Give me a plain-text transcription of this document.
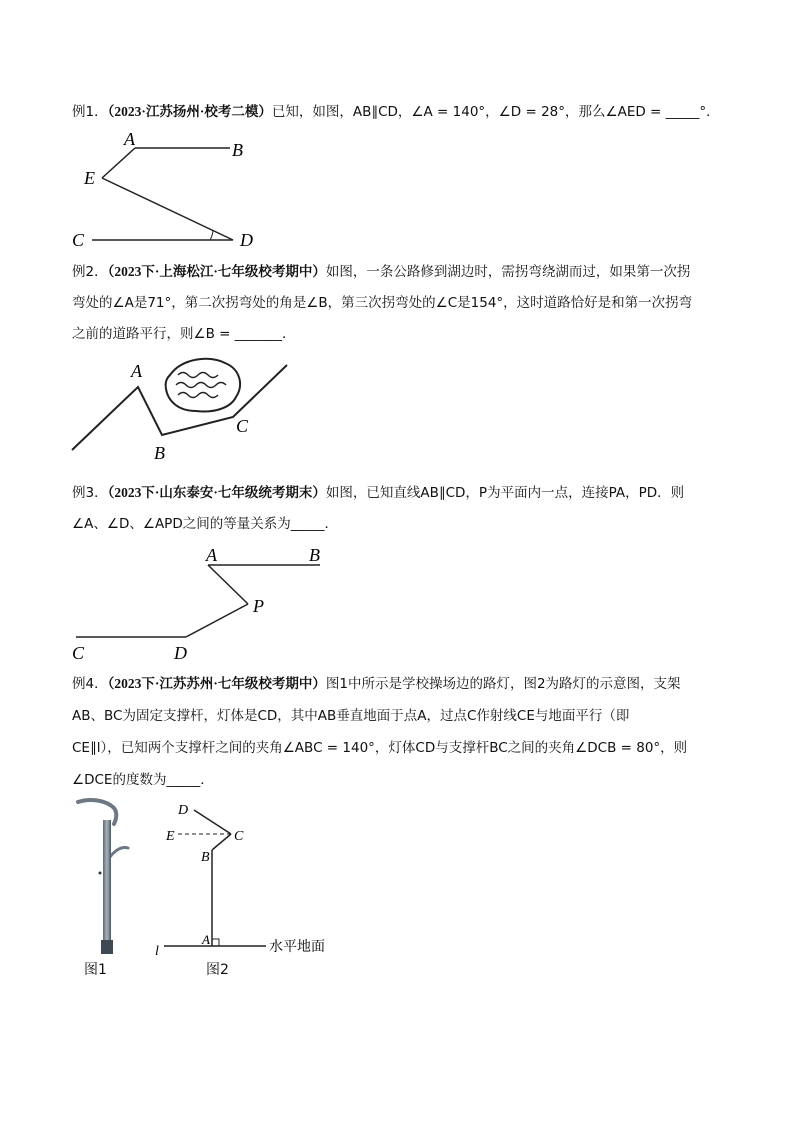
例1．（2023·江苏扬州·校考二模）已知，如图，AB∥CD，∠A = 140°，∠D = 28°，那么∠AED = _____°．
A
B
E
C	D
例2．（2023下·上海松江·七年级校考期中）如图，一条公路修到湖边时，需拐弯绕湖而过，如果第一次拐
弯处的∠A是71°，第二次拐弯处的角是∠B，第三次拐弯处的∠C是154°，这时道路恰好是和第一次拐弯
之前的道路平行，则∠B = _______．
A
B
C
例3．（2023下·山东泰安·七年级统考期末）如图，已知直线AB∥CD，P为平面内一点，连接PA，PD．则
∠A、∠D、∠APD之间的等量关系为_____．
A	B
P
C	D
例4．（2023下·江苏苏州·七年级校考期中）图1中所示是学校操场边的路灯，图2为路灯的示意图，支架
AB、BC为固定支撑杆，灯体是CD，其中AB垂直地面于点A，过点C作射线CE与地面平行（即
CE∥l），已知两个支撑杆之间的夹角∠ABC = 140°，灯体CD与支撑杆BC之间的夹角∠DCB = 80°，则
∠DCE的度数为_____．
图1
D
E	C
B
A
l	水平地面
图2
